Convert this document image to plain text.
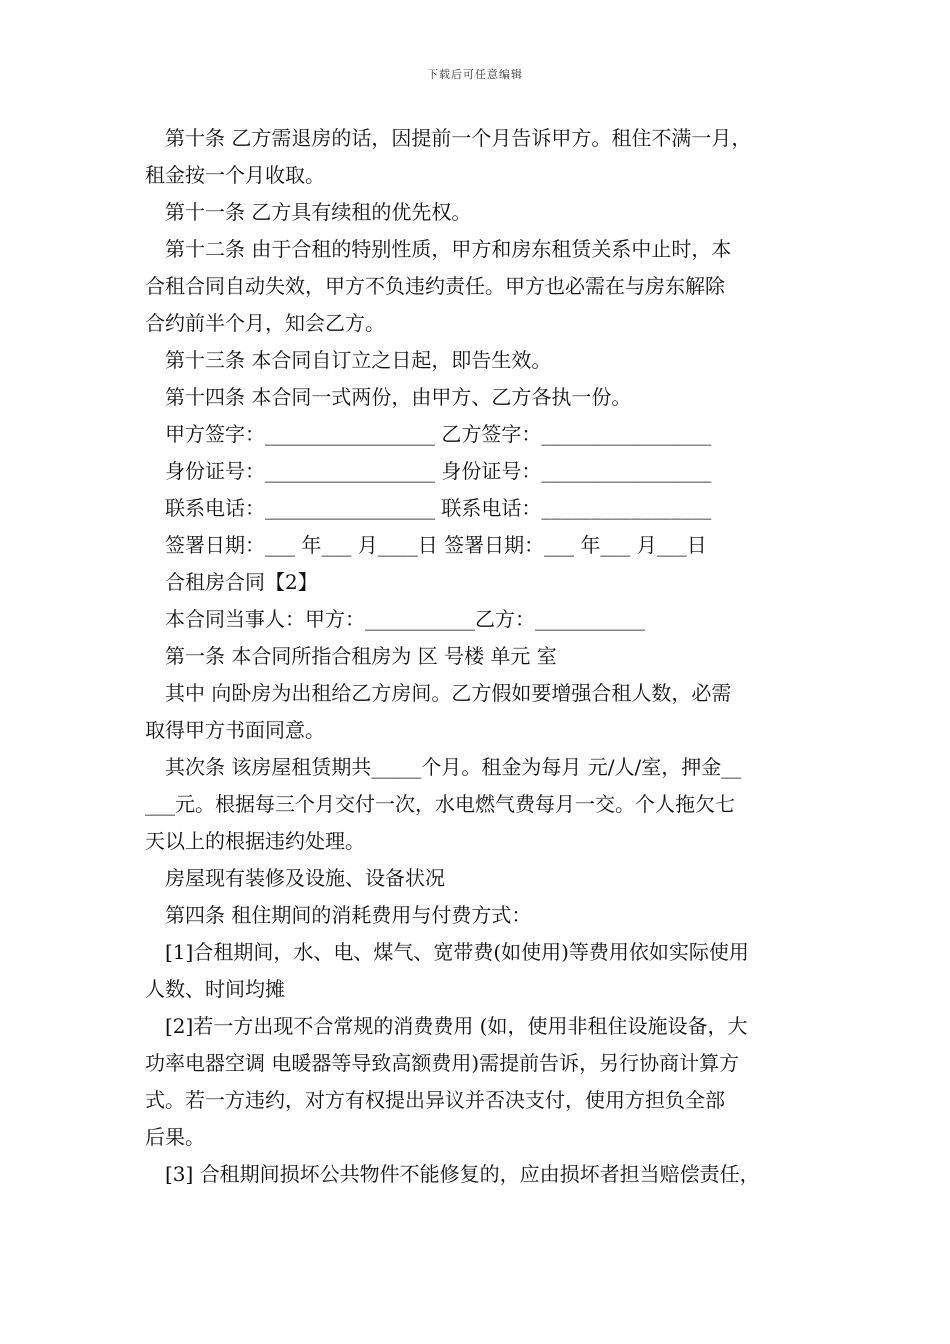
下载后可任意编辑
第十条 乙方需退房的话，因提前一个月告诉甲方。租住不满一月，
租金按一个月收取。
第十一条 乙方具有续租的优先权。
第十二条 由于合租的特别性质，甲方和房东租赁关系中止时，本
合租合同自动失效，甲方不负违约责任。甲方也必需在与房东解除
合约前半个月，知会乙方。
第十三条 本合同自订立之日起，即告生效。
第十四条 本合同一式两份，由甲方、乙方各执一份。
甲方签字：_________________ 乙方签字：_________________
身份证号：_________________ 身份证号：_________________
联系电话：_________________ 联系电话：_________________
签署日期：___ 年___ 月____日 签署日期：___ 年___ 月___日
合租房合同【2】
本合同当事人：甲方：___________乙方：___________
第一条 本合同所指合租房为 区 号楼 单元 室
其中 向卧房为出租给乙方房间。乙方假如要增强合租人数，必需
取得甲方书面同意。
其次条 该房屋租赁期共_____个月。租金为每月 元/人/室，押金__
___元。根据每三个月交付一次，水电燃气费每月一交。个人拖欠七
天以上的根据违约处理。
房屋现有装修及设施、设备状况
第四条 租住期间的消耗费用与付费方式：
[1]合租期间，水、电、煤气、宽带费(如使用)等费用依如实际使用
人数、时间均摊
[2]若一方出现不合常规的消费费用 (如，使用非租住设施设备，大
功率电器空调 电暖器等导致高额费用)需提前告诉，另行协商计算方
式。若一方违约，对方有权提出异议并否决支付，使用方担负全部
后果。
[3] 合租期间损坏公共物件不能修复的，应由损坏者担当赔偿责任，
